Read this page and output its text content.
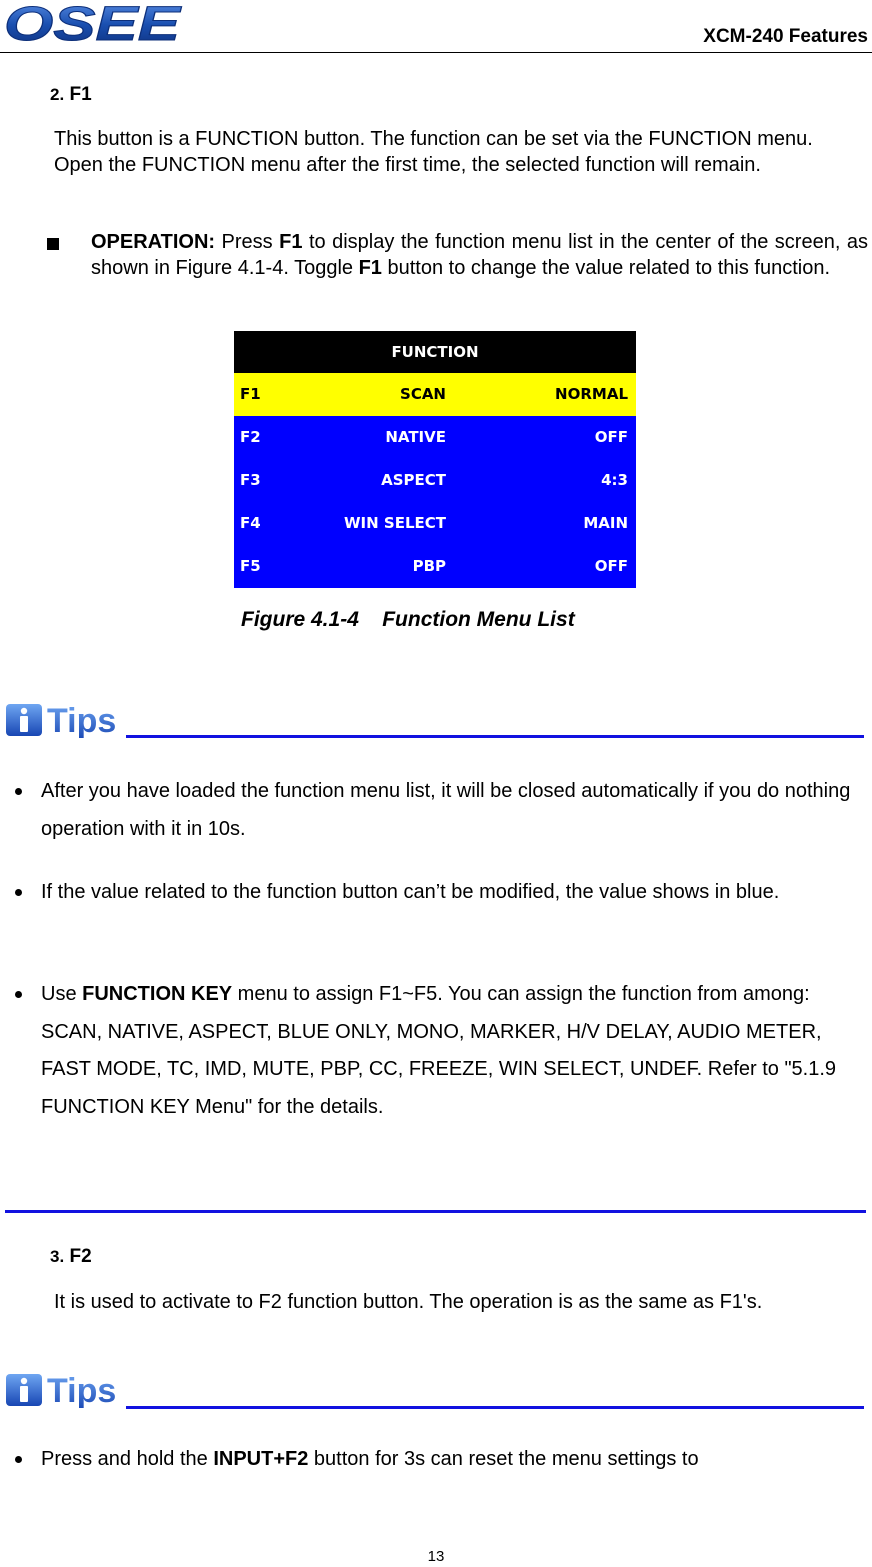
OSEE	XCM-240 Features
2. F1
This button is a FUNCTION button. The function can be set via the FUNCTION menu. Open the FUNCTION menu after the first time, the selected function will remain.
OPERATION: Press F1 to display the function menu list in the center of the screen, as shown in Figure 4.1-4. Toggle F1 button to change the value related to this function.
FUNCTION
F1	SCAN	NORMAL
F2	NATIVE	OFF
F3	ASPECT	4:3
F4	WIN SELECT	MAIN
F5	PBP	OFF
Figure 4.1-4    Function Menu List
Tips
After you have loaded the function menu list, it will be closed automatically if you do nothing operation with it in 10s.
If the value related to the function button can’t be modified, the value shows in blue.
Use FUNCTION KEY menu to assign F1~F5. You can assign the function from among: SCAN, NATIVE, ASPECT, BLUE ONLY, MONO, MARKER, H/V DELAY, AUDIO METER, FAST MODE, TC, IMD, MUTE, PBP, CC, FREEZE, WIN SELECT, UNDEF. Refer to "5.1.9 FUNCTION KEY Menu" for the details.
3. F2
It is used to activate to F2 function button. The operation is as the same as F1's.
Tips
Press and hold the INPUT+F2 button for 3s can reset the menu settings to
13
